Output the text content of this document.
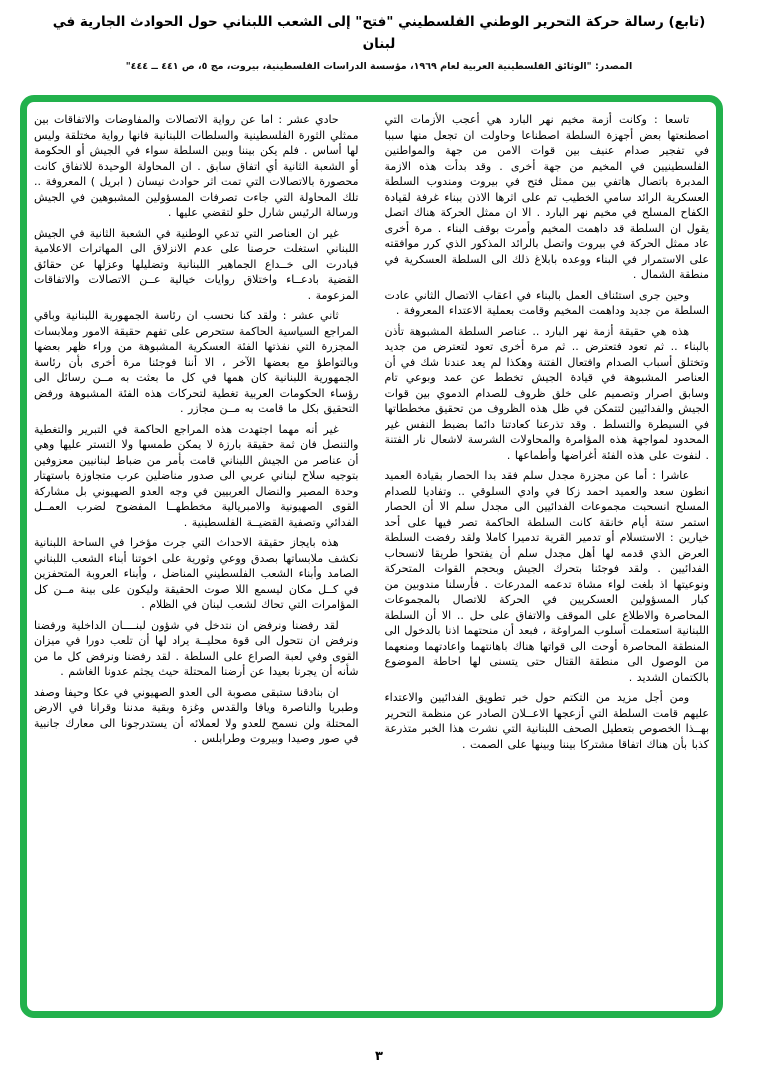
(تابع) رسالة حركة التحرير الوطني الفلسطيني "فتح" إلى الشعب اللبناني حول الحوادث الجارية في لبنان
المصدر: "الوثائق الفلسطينية العربية لعام ١٩٦٩، مؤسسة الدراسات الفلسطينية، بيروت، مج ٥، ص ٤٤١ ــ ٤٤٤"

تاسعا : وكانت أزمة مخيم نهر البارد هي أعجب الأزمات التي اصطنعتها بعض أجهزة السلطة اصطناعا وحاولت ان تجعل منها سببا في تفجير صدام عنيف بين قوات الامن من جهة والمواطنين الفلسطينيين في المخيم من جهة أخرى . وقد بدأت هذه الازمة المدبرة باتصال هاتفي بين ممثل فتح في بيروت ومندوب السلطة العسكرية الرائد سامي الخطيب تم على اثرها الاذن ببناء غرفة لقيادة الكفاح المسلح في مخيم نهر البارد . الا ان ممثل الحركة هناك اتصل يقول ان السلطة قد داهمت المخيم وأمرت بوقف البناء . مرة أخرى عاد ممثل الحركة في بيروت واتصل بالرائد المذكور الذي كرر موافقته على الاستمرار في البناء ووعده بابلاغ ذلك الى السلطة العسكرية في منطقة الشمال .

وحين جرى استئناف العمل بالبناء في اعقاب الاتصال الثاني عادت السلطة من جديد وداهمت المخيم وقامت بعملية الاعتداء المعروفة .

هذه هي حقيقة أزمة نهر البارد .. عناصر السلطة المشبوهة تأذن بالبناء .. ثم تعود فتعترض .. ثم مرة أخرى تعود لتعترض من جديد وتختلق أسباب الصدام وافتعال الفتنة وهكذا لم يعد عندنا شك في أن العناصر المشبوهة في قيادة الجيش تخطط عن عمد وبوعي تام وسابق اصرار وتصميم على خلق ظروف للصدام الدموي بين قوات الجيش والفدائيين لتتمكن في ظل هذه الظروف من تحقيق مخططاتها في السيطرة والتسلط . وقد تذرعنا كعادتنا دائما بضبط النفس غير المحدود لمواجهة هذه المؤامرة والمحاولات الشرسة لاشعال نار الفتنة . لنفوت على هذه الفئة أغراضها وأطماعها .

عاشرا : أما عن مجزرة مجدل سلم فقد بدا الحصار بقيادة العميد انطون سعد والعميد احمد زكا في وادي السلوقي .. وتفاديا للصدام المسلح انسحبت مجموعات الفدائيين الى مجدل سلم الا أن الحصار استمر ستة أيام خانقة كانت السلطة الحاكمة تصر فيها على أحد خيارين : الاستسلام أو تدمير القرية تدميرا كاملا ولقد رفضت السلطة العرض الذي قدمه لها أهل مجدل سلم أن يفتحوا طريقا لانسحاب الفدائيين . ولقد فوجئنا بتحرك الجيش وبحجم القوات المتحركة ونوعيتها اذ بلغت لواء مشاة تدعمه المدرعات . فأرسلنا مندوبين من كبار المسؤولين العسكريين في الحركة للاتصال بالمجموعات المحاصرة والاطلاع على الموقف والاتفاق على حل .. الا أن السلطة اللبنانية استعملت أسلوب المراوغة ، فبعد أن منحتهما اذنا بالدخول الى المنطقة المحاصرة أوحت الى قواتها هناك باهانتهما واعادتهما ومنعهما من الوصول الى منطقة القتال حتى يتسنى لها احاطة الموضوع بالكتمان الشديد .

ومن أجل مزيد من التكتم حول خبر تطويق الفدائيين والاعتداء عليهم قامت السلطة التي أزعجها الاعــلان الصادر عن منظمة التحرير بهــذا الخصوص بتعطيل الصحف اللبنانية التي نشرت هذا الخبر متذرعة كذبا بأن هناك اتفاقا مشتركا بيننا وبينها على الصمت .

حادي عشر : اما عن رواية الاتصالات والمفاوضات والاتفاقات بين ممثلي الثورة الفلسطينية والسلطات اللبنانية فانها رواية مختلقة وليس لها أساس . فلم يكن بيننا وبين السلطة سواء في الجيش أو الحكومة أو الشعبة الثانية أي اتفاق سابق . ان المحاولة الوحيدة للاتفاق كانت محصورة بالاتصالات التي تمت اثر حوادث نيسان ( ابريل ) المعروفة .. تلك المحاولة التي جاءت تصرفات المسؤولين المشبوهين في الجيش ورسالة الرئيس شارل حلو لتقضي عليها .

غير ان العناصر التي تدعي الوطنية في الشعبة الثانية في الجيش اللبناني استغلت حرصنا على عدم الانزلاق الى المهاترات الاعلامية فبادرت الى خــداع الجماهير اللبنانية وتضليلها وعزلها عن حقائق القضية بادعــاء واختلاق روايات خيالية عــن الاتصالات والاتفاقات المزعومة .

ثاني عشر : ولقد كنا نحسب ان رئاسة الجمهورية اللبنانية وباقي المراجع السياسية الحاكمة ستحرص على تفهم حقيقة الامور وملابسات المجزرة التي نفذتها الفئة العسكرية المشبوهة من وراء ظهر بعضها وبالتواطؤ مع بعضها الآخر ، الا أننا فوجئنا مرة أخرى بأن رئاسة الجمهورية اللبنانية كان همها في كل ما بعثت به مــن رسائل الى رؤساء الحكومات العربية تغطية لتحركات هذه الفئة المشبوهة ورفض التحقيق بكل ما قامت به مــن مجازر .

غير أنه مهما اجتهدت هذه المراجع الحاكمة في التبرير والتغطية والتنصل فان ثمة حقيقة بارزة لا يمكن طمسها ولا التستر عليها وهي أن عناصر من الجيش اللبناني قامت بأمر من ضباط لبنانيين معزوفين بتوجيه سلاح لبناني عربي الى صدور مناضلين عرب متجاوزة باستهتار وحدة المصير والنضال العربيين في وجه العدو الصهيوني بل مشاركة القوى الصهيونية والامبريالية مخططهــا المفضوح لضرب العمــل الفدائي وتصفية القضيــة الفلسطينية .

هذه بايجاز حقيقة الاحداث التي جرت مؤخرا في الساحة اللبنانية نكشف ملابساتها بصدق ووعي وثورية على اخوتنا أبناء الشعب اللبناني الصامد وأبناء الشعب الفلسطيني المناضل ، وأبناء العروبة المتحفزين في كــل مكان ليسمع اللا صوت الحقيقة وليكون على بينة مــن كل المؤامرات التي تحاك لشعب لبنان في الظلام .

لقد رفضنا ونرفض ان نتدخل في شؤون لبنــــان الداخلية ورفضنا ونرفض ان نتحول الى قوة محليــة يراد لها أن تلعب دورا في ميزان القوى وفي لعبة الصراع على السلطة . لقد رفضنا ونرفض كل ما من شأنه أن يجرنا بعيدا عن أرضنا المحتلة حيث يجثم عدونا الغاشم .

ان بنادقنا ستبقى مصوبة الى العدو الصهيوني في عكا وحيفا وصفد وطبريا والناصرة ويافا والقدس وغزة وبقية مدننا وقرانا في الارض المحتلة ولن نسمح للعدو ولا لعملائه أن يستدرجونا الى معارك جانبية في صور وصيدا وبيروت وطرابلس .

٣
